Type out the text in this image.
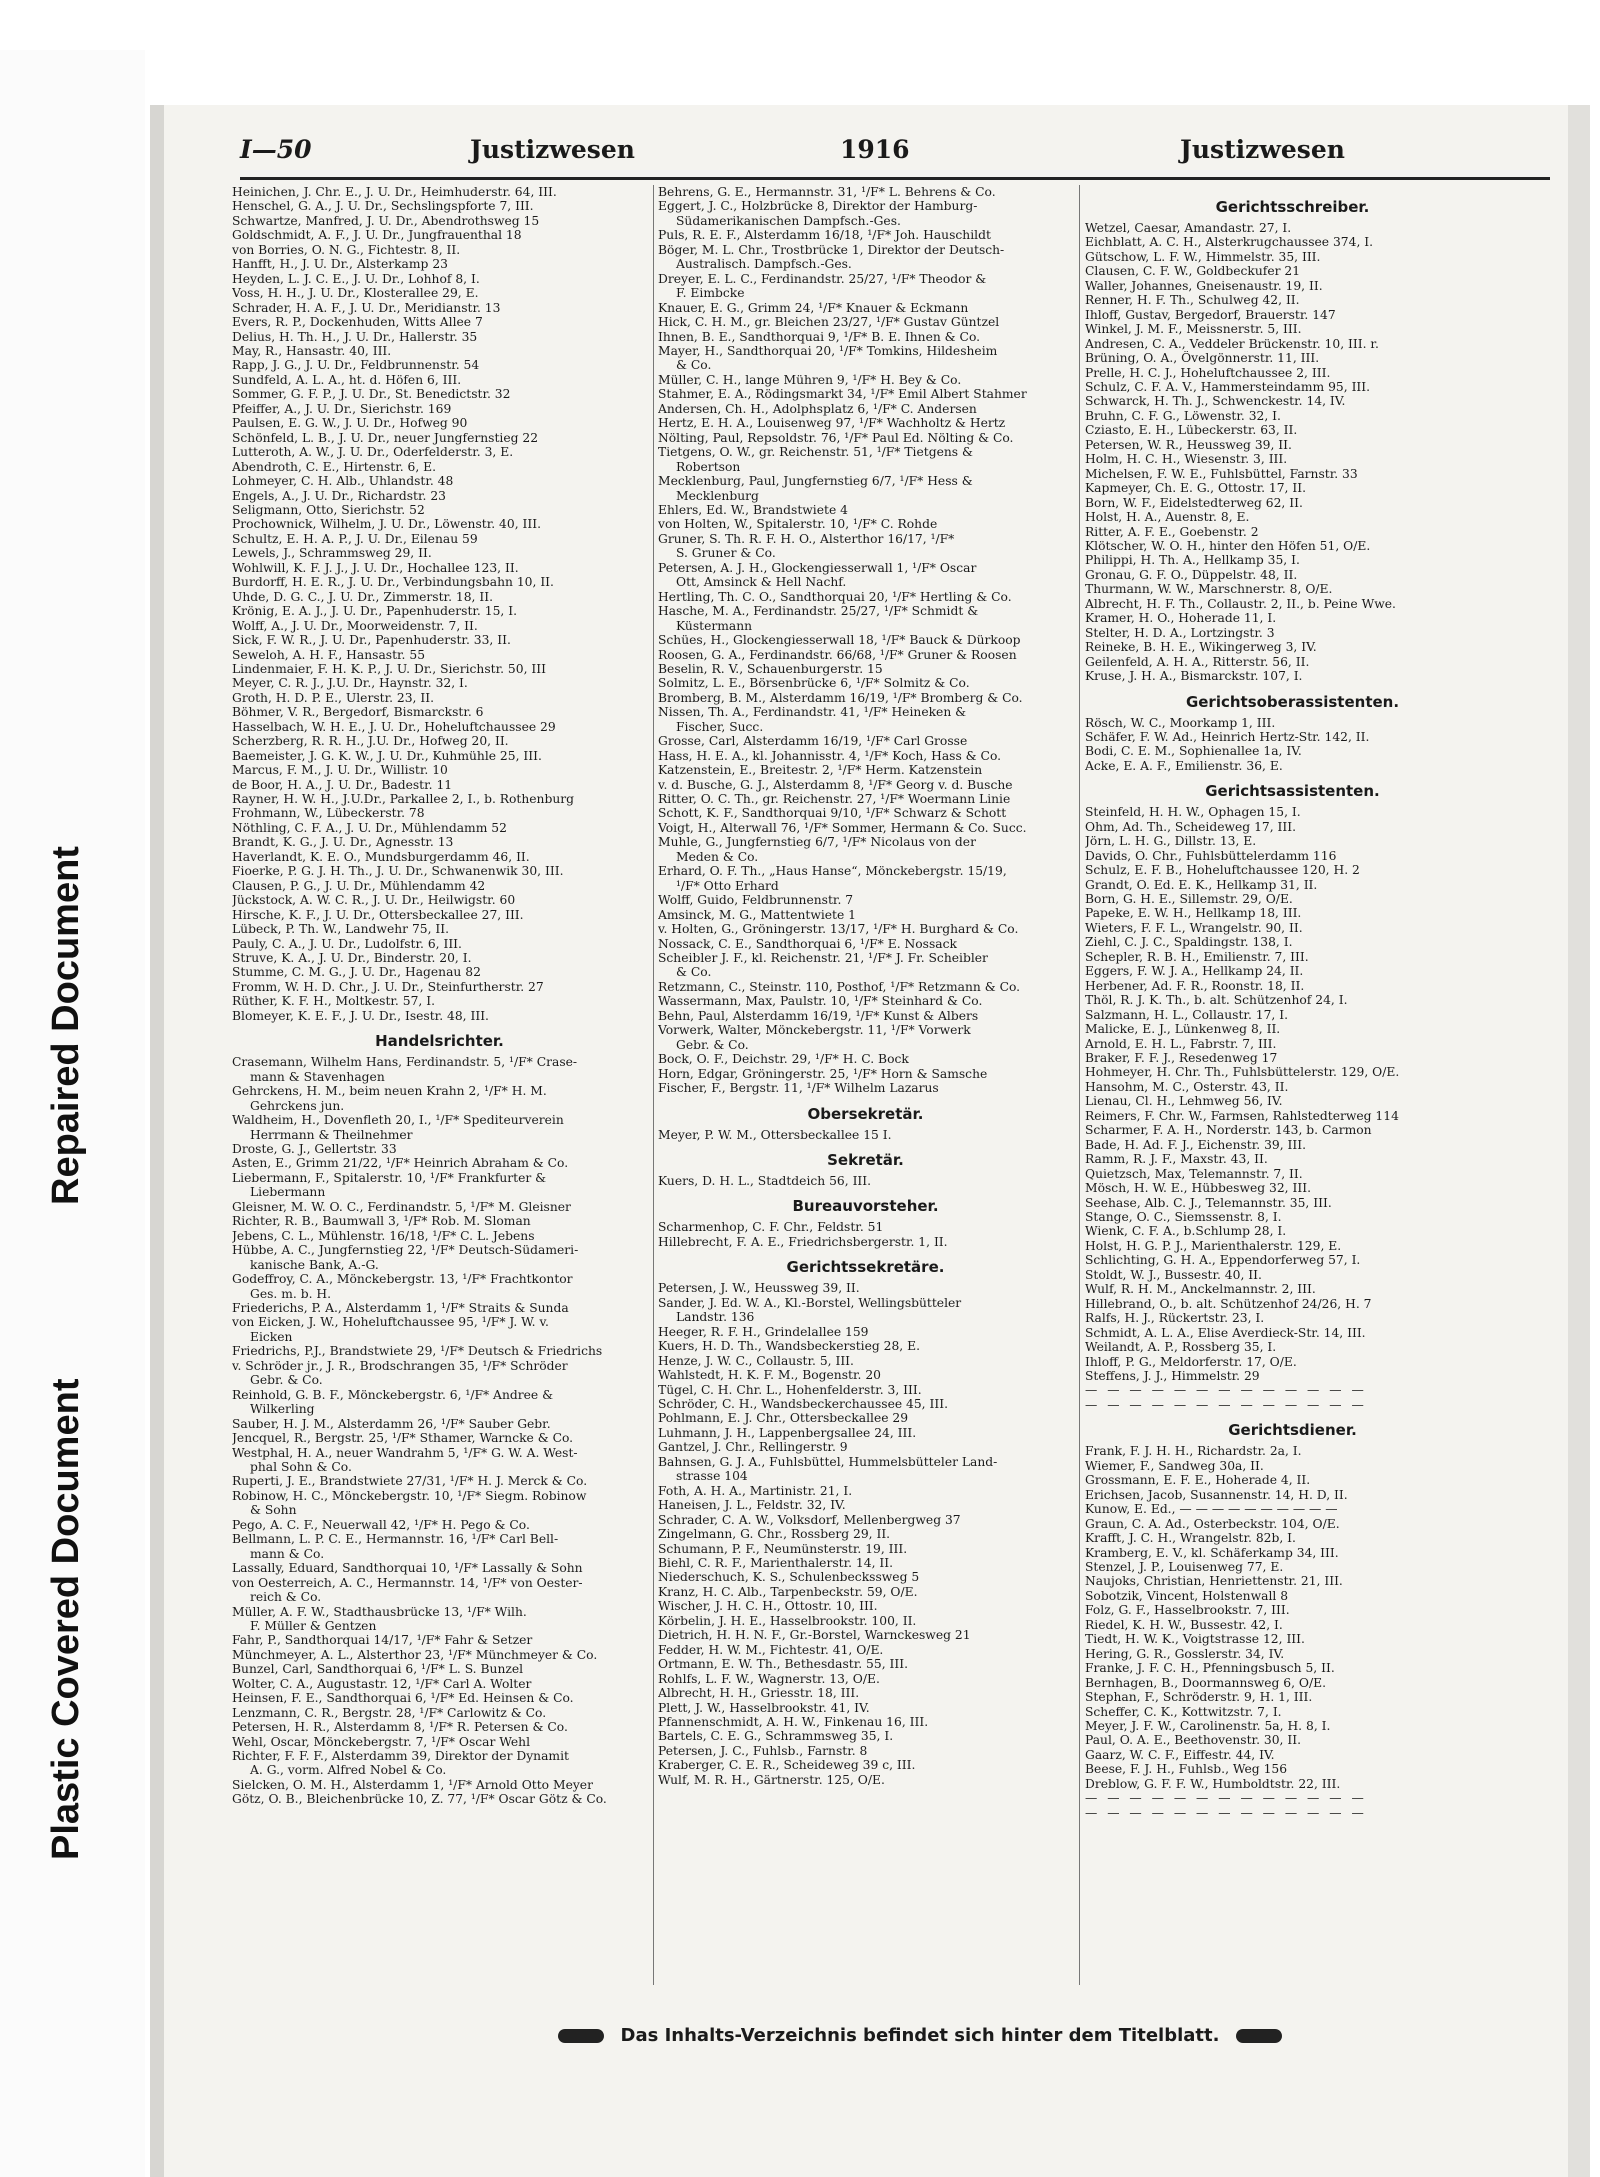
Repaired Document
Plastic Covered Document
I—50	Justizwesen	1916	Justizwesen
Heinichen, J. Chr. E., J. U. Dr., Heimhuderstr. 64, III.
Henschel, G. A., J. U. Dr., Sechslingspforte 7, III.
Schwartze, Manfred, J. U. Dr., Abendrothsweg 15
Goldschmidt, A. F., J. U. Dr., Jungfrauenthal 18
von Borries, O. N. G., Fichtestr. 8, II.
Hanfft, H., J. U. Dr., Alsterkamp 23
Heyden, L. J. C. E., J. U. Dr., Lohhof 8, I.
Voss, H. H., J. U. Dr., Klosterallee 29, E.
Schrader, H. A. F., J. U. Dr., Meridianstr. 13
Evers, R. P., Dockenhuden, Witts Allee 7
Delius, H. Th. H., J. U. Dr., Hallerstr. 35
May, R., Hansastr. 40, III.
Rapp, J. G., J. U. Dr., Feldbrunnenstr. 54
Sundfeld, A. L. A., ht. d. Höfen 6, III.
Sommer, G. F. P., J. U. Dr., St. Benedictstr. 32
Pfeiffer, A., J. U. Dr., Sierichstr. 169
Paulsen, E. G. W., J. U. Dr., Hofweg 90
Schönfeld, L. B., J. U. Dr., neuer Jungfernstieg 22
Lutteroth, A. W., J. U. Dr., Oderfelderstr. 3, E.
Abendroth, C. E., Hirtenstr. 6, E.
Lohmeyer, C. H. Alb., Uhlandstr. 48
Engels, A., J. U. Dr., Richardstr. 23
Seligmann, Otto, Sierichstr. 52
Prochownick, Wilhelm, J. U. Dr., Löwenstr. 40, III.
Schultz, E. H. A. P., J. U. Dr., Eilenau 59
Lewels, J., Schrammsweg 29, II.
Wohlwill, K. F. J. J., J. U. Dr., Hochallee 123, II.
Burdorff, H. E. R., J. U. Dr., Verbindungsbahn 10, II.
Uhde, D. G. C., J. U. Dr., Zimmerstr. 18, II.
Krönig, E. A. J., J. U. Dr., Papenhuderstr. 15, I.
Wolff, A., J. U. Dr., Moorweidenstr. 7, II.
Sick, F. W. R., J. U. Dr., Papenhuderstr. 33, II.
Seweloh, A. H. F., Hansastr. 55
Lindenmaier, F. H. K. P., J. U. Dr., Sierichstr. 50, III
Meyer, C. R. J., J.U. Dr., Haynstr. 32, I.
Groth, H. D. P. E., Ulerstr. 23, II.
Böhmer, V. R., Bergedorf, Bismarckstr. 6
Hasselbach, W. H. E., J. U. Dr., Hoheluftchaussee 29
Scherzberg, R. R. H., J.U. Dr., Hofweg 20, II.
Baemeister, J. G. K. W., J. U. Dr., Kuhmühle 25, III.
Marcus, F. M., J. U. Dr., Willistr. 10
de Boor, H. A., J. U. Dr., Badestr. 11
Rayner, H. W. H., J.U.Dr., Parkallee 2, I., b. Rothenburg
Frohmann, W., Lübeckerstr. 78
Nöthling, C. F. A., J. U. Dr., Mühlendamm 52
Brandt, K. G., J. U. Dr., Agnesstr. 13
Haverlandt, K. E. O., Mundsburgerdamm 46, II.
Fioerke, P. G. J. H. Th., J. U. Dr., Schwanenwik 30, III.
Clausen, P. G., J. U. Dr., Mühlendamm 42
Jückstock, A. W. C. R., J. U. Dr., Heilwigstr. 60
Hirsche, K. F., J. U. Dr., Ottersbeckallee 27, III.
Lübeck, P. Th. W., Landwehr 75, II.
Pauly, C. A., J. U. Dr., Ludolfstr. 6, III.
Struve, K. A., J. U. Dr., Binderstr. 20, I.
Stumme, C. M. G., J. U. Dr., Hagenau 82
Fromm, W. H. D. Chr., J. U. Dr., Steinfurtherstr. 27
Rüther, K. F. H., Moltkestr. 57, I.
Blomeyer, K. E. F., J. U. Dr., Isestr. 48, III.
Handelsrichter.
Crasemann, Wilhelm Hans, Ferdinandstr. 5, ¹/F* Crase-
mann & Stavenhagen
Gehrckens, H. M., beim neuen Krahn 2, ¹/F* H. M.
Gehrckens jun.
Waldheim, H., Dovenfleth 20, I., ¹/F* Spediteurverein
Herrmann & Theilnehmer
Droste, G. J., Gellertstr. 33
Asten, E., Grimm 21/22, ¹/F* Heinrich Abraham & Co.
Liebermann, F., Spitalerstr. 10, ¹/F* Frankfurter &
Liebermann
Gleisner, M. W. O. C., Ferdinandstr. 5, ¹/F* M. Gleisner
Richter, R. B., Baumwall 3, ¹/F* Rob. M. Sloman
Jebens, C. L., Mühlenstr. 16/18, ¹/F* C. L. Jebens
Hübbe, A. C., Jungfernstieg 22, ¹/F* Deutsch-Südameri-
kanische Bank, A.-G.
Godeffroy, C. A., Mönckebergstr. 13, ¹/F* Frachtkontor
Ges. m. b. H.
Friederichs, P. A., Alsterdamm 1, ¹/F* Straits & Sunda
von Eicken, J. W., Hoheluftchaussee 95, ¹/F* J. W. v.
Eicken
Friedrichs, P.J., Brandstwiete 29, ¹/F* Deutsch & Friedrichs
v. Schröder jr., J. R., Brodschrangen 35, ¹/F* Schröder
Gebr. & Co.
Reinhold, G. B. F., Mönckebergstr. 6, ¹/F* Andree &
Wilkerling
Sauber, H. J. M., Alsterdamm 26, ¹/F* Sauber Gebr.
Jencquel, R., Bergstr. 25, ¹/F* Sthamer, Warncke & Co.
Westphal, H. A., neuer Wandrahm 5, ¹/F* G. W. A. West-
phal Sohn & Co.
Ruperti, J. E., Brandstwiete 27/31, ¹/F* H. J. Merck & Co.
Robinow, H. C., Mönckebergstr. 10, ¹/F* Siegm. Robinow
& Sohn
Pego, A. C. F., Neuerwall 42, ¹/F* H. Pego & Co.
Bellmann, L. P. C. E., Hermannstr. 16, ¹/F* Carl Bell-
mann & Co.
Lassally, Eduard, Sandthorquai 10, ¹/F* Lassally & Sohn
von Oesterreich, A. C., Hermannstr. 14, ¹/F* von Oester-
reich & Co.
Müller, A. F. W., Stadthausbrücke 13, ¹/F* Wilh.
F. Müller & Gentzen
Fahr, P., Sandthorquai 14/17, ¹/F* Fahr & Setzer
Münchmeyer, A. L., Alsterthor 23, ¹/F* Münchmeyer & Co.
Bunzel, Carl, Sandthorquai 6, ¹/F* L. S. Bunzel
Wolter, C. A., Augustastr. 12, ¹/F* Carl A. Wolter
Heinsen, F. E., Sandthorquai 6, ¹/F* Ed. Heinsen & Co.
Lenzmann, C. R., Bergstr. 28, ¹/F* Carlowitz & Co.
Petersen, H. R., Alsterdamm 8, ¹/F* R. Petersen & Co.
Wehl, Oscar, Mönckebergstr. 7, ¹/F* Oscar Wehl
Richter, F. F. F., Alsterdamm 39, Direktor der Dynamit
A. G., vorm. Alfred Nobel & Co.
Sielcken, O. M. H., Alsterdamm 1, ¹/F* Arnold Otto Meyer
Götz, O. B., Bleichenbrücke 10, Z. 77, ¹/F* Oscar Götz & Co.
Behrens, G. E., Hermannstr. 31, ¹/F* L. Behrens & Co.
Eggert, J. C., Holzbrücke 8, Direktor der Hamburg-
Südamerikanischen Dampfsch.-Ges.
Puls, R. E. F., Alsterdamm 16/18, ¹/F* Joh. Hauschildt
Böger, M. L. Chr., Trostbrücke 1, Direktor der Deutsch-
Australisch. Dampfsch.-Ges.
Dreyer, E. L. C., Ferdinandstr. 25/27, ¹/F* Theodor &
F. Eimbcke
Knauer, E. G., Grimm 24, ¹/F* Knauer & Eckmann
Hick, C. H. M., gr. Bleichen 23/27, ¹/F* Gustav Güntzel
Ihnen, B. E., Sandthorquai 9, ¹/F* B. E. Ihnen & Co.
Mayer, H., Sandthorquai 20, ¹/F* Tomkins, Hildesheim
& Co.
Müller, C. H., lange Mühren 9, ¹/F* H. Bey & Co.
Stahmer, E. A., Rödingsmarkt 34, ¹/F* Emil Albert Stahmer
Andersen, Ch. H., Adolphsplatz 6, ¹/F* C. Andersen
Hertz, E. H. A., Louisenweg 97, ¹/F* Wachholtz & Hertz
Nölting, Paul, Repsoldstr. 76, ¹/F* Paul Ed. Nölting & Co.
Tietgens, O. W., gr. Reichenstr. 51, ¹/F* Tietgens &
Robertson
Mecklenburg, Paul, Jungfernstieg 6/7, ¹/F* Hess &
Mecklenburg
Ehlers, Ed. W., Brandstwiete 4
von Holten, W., Spitalerstr. 10, ¹/F* C. Rohde
Gruner, S. Th. R. F. H. O., Alsterthor 16/17, ¹/F*
S. Gruner & Co.
Petersen, A. J. H., Glockengiesserwall 1, ¹/F* Oscar
Ott, Amsinck & Hell Nachf.
Hertling, Th. C. O., Sandthorquai 20, ¹/F* Hertling & Co.
Hasche, M. A., Ferdinandstr. 25/27, ¹/F* Schmidt &
Küstermann
Schües, H., Glockengiesserwall 18, ¹/F* Bauck & Dürkoop
Roosen, G. A., Ferdinandstr. 66/68, ¹/F* Gruner & Roosen
Beselin, R. V., Schauenburgerstr. 15
Solmitz, L. E., Börsenbrücke 6, ¹/F* Solmitz & Co.
Bromberg, B. M., Alsterdamm 16/19, ¹/F* Bromberg & Co.
Nissen, Th. A., Ferdinandstr. 41, ¹/F* Heineken &
Fischer, Succ.
Grosse, Carl, Alsterdamm 16/19, ¹/F* Carl Grosse
Hass, H. E. A., kl. Johannisstr. 4, ¹/F* Koch, Hass & Co.
Katzenstein, E., Breitestr. 2, ¹/F* Herm. Katzenstein
v. d. Busche, G. J., Alsterdamm 8, ¹/F* Georg v. d. Busche
Ritter, O. C. Th., gr. Reichenstr. 27, ¹/F* Woermann Linie
Schott, K. F., Sandthorquai 9/10, ¹/F* Schwarz & Schott
Voigt, H., Alterwall 76, ¹/F* Sommer, Hermann & Co. Succ.
Muhle, G., Jungfernstieg 6/7, ¹/F* Nicolaus von der
Meden & Co.
Erhard, O. F. Th., „Haus Hanse“, Mönckebergstr. 15/19,
¹/F* Otto Erhard
Wolff, Guido, Feldbrunnenstr. 7
Amsinck, M. G., Mattentwiete 1
v. Holten, G., Gröningerstr. 13/17, ¹/F* H. Burghard & Co.
Nossack, C. E., Sandthorquai 6, ¹/F* E. Nossack
Scheibler J. F., kl. Reichenstr. 21, ¹/F* J. Fr. Scheibler
& Co.
Retzmann, C., Steinstr. 110, Posthof, ¹/F* Retzmann & Co.
Wassermann, Max, Paulstr. 10, ¹/F* Steinhard & Co.
Behn, Paul, Alsterdamm 16/19, ¹/F* Kunst & Albers
Vorwerk, Walter, Mönckebergstr. 11, ¹/F* Vorwerk
Gebr. & Co.
Bock, O. F., Deichstr. 29, ¹/F* H. C. Bock
Horn, Edgar, Gröningerstr. 25, ¹/F* Horn & Samsche
Fischer, F., Bergstr. 11, ¹/F* Wilhelm Lazarus
Obersekretär.
Meyer, P. W. M., Ottersbeckallee 15 I.
Sekretär.
Kuers, D. H. L., Stadtdeich 56, III.
Bureauvorsteher.
Scharmenhop, C. F. Chr., Feldstr. 51
Hillebrecht, F. A. E., Friedrichsbergerstr. 1, II.
Gerichtssekretäre.
Petersen, J. W., Heussweg 39, II.
Sander, J. Ed. W. A., Kl.-Borstel, Wellingsbütteler
Landstr. 136
Heeger, R. F. H., Grindelallee 159
Kuers, H. D. Th., Wandsbeckerstieg 28, E.
Henze, J. W. C., Collaustr. 5, III.
Wahlstedt, H. K. F. M., Bogenstr. 20
Tügel, C. H. Chr. L., Hohenfelderstr. 3, III.
Schröder, C. H., Wandsbeckerchaussee 45, III.
Pohlmann, E. J. Chr., Ottersbeckallee 29
Luhmann, J. H., Lappenbergsallee 24, III.
Gantzel, J. Chr., Rellingerstr. 9
Bahnsen, G. J. A., Fuhlsbüttel, Hummelsbütteler Land-
strasse 104
Foth, A. H. A., Martinistr. 21, I.
Haneisen, J. L., Feldstr. 32, IV.
Schrader, C. A. W., Volksdorf, Mellenbergweg 37
Zingelmann, G. Chr., Rossberg 29, II.
Schumann, P. F., Neumünsterstr. 19, III.
Biehl, C. R. F., Marienthalerstr. 14, II.
Niederschuch, K. S., Schulenbeckssweg 5
Kranz, H. C. Alb., Tarpenbeckstr. 59, O/E.
Wischer, J. H. C. H., Ottostr. 10, III.
Körbelin, J. H. E., Hasselbrookstr. 100, II.
Dietrich, H. H. N. F., Gr.-Borstel, Warnckesweg 21
Fedder, H. W. M., Fichtestr. 41, O/E.
Ortmann, E. W. Th., Bethesdastr. 55, III.
Rohlfs, L. F. W., Wagnerstr. 13, O/E.
Albrecht, H. H., Griesstr. 18, III.
Plett, J. W., Hasselbrookstr. 41, IV.
Pfannenschmidt, A. H. W., Finkenau 16, III.
Bartels, C. E. G., Schrammsweg 35, I.
Petersen, J. C., Fuhlsb., Farnstr. 8
Kraberger, C. E. R., Scheideweg 39 c, III.
Wulf, M. R. H., Gärtnerstr. 125, O/E.
Gerichtsschreiber.
Wetzel, Caesar, Amandastr. 27, I.
Eichblatt, A. C. H., Alsterkrugchaussee 374, I.
Gütschow, L. F. W., Himmelstr. 35, III.
Clausen, C. F. W., Goldbeckufer 21
Waller, Johannes, Gneisenaustr. 19, II.
Renner, H. F. Th., Schulweg 42, II.
Ihloff, Gustav, Bergedorf, Brauerstr. 147
Winkel, J. M. F., Meissnerstr. 5, III.
Andresen, C. A., Veddeler Brückenstr. 10, III. r.
Brüning, O. A., Övelgönnerstr. 11, III.
Prelle, H. C. J., Hoheluftchaussee 2, III.
Schulz, C. F. A. V., Hammersteindamm 95, III.
Schwarck, H. Th. J., Schwenckestr. 14, IV.
Bruhn, C. F. G., Löwenstr. 32, I.
Cziasto, E. H., Lübeckerstr. 63, II.
Petersen, W. R., Heussweg 39, II.
Holm, H. C. H., Wiesenstr. 3, III.
Michelsen, F. W. E., Fuhlsbüttel, Farnstr. 33
Kapmeyer, Ch. E. G., Ottostr. 17, II.
Born, W. F., Eidelstedterweg 62, II.
Holst, H. A., Auenstr. 8, E.
Ritter, A. F. E., Goebenstr. 2
Klötscher, W. O. H., hinter den Höfen 51, O/E.
Philippi, H. Th. A., Hellkamp 35, I.
Gronau, G. F. O., Düppelstr. 48, II.
Thurmann, W. W., Marschnerstr. 8, O/E.
Albrecht, H. F. Th., Collaustr. 2, II., b. Peine Wwe.
Kramer, H. O., Hoherade 11, I.
Stelter, H. D. A., Lortzingstr. 3
Reineke, B. H. E., Wikingerweg 3, IV.
Geilenfeld, A. H. A., Ritterstr. 56, II.
Kruse, J. H. A., Bismarckstr. 107, I.
Gerichtsoberassistenten.
Rösch, W. C., Moorkamp 1, III.
Schäfer, F. W. Ad., Heinrich Hertz-Str. 142, II.
Bodi, C. E. M., Sophienallee 1a, IV.
Acke, E. A. F., Emilienstr. 36, E.
Gerichtsassistenten.
Steinfeld, H. H. W., Ophagen 15, I.
Ohm, Ad. Th., Scheideweg 17, III.
Jörn, L. H. G., Dillstr. 13, E.
Davids, O. Chr., Fuhlsbüttelerdamm 116
Schulz, E. F. B., Hoheluftchaussee 120, H. 2
Grandt, O. Ed. E. K., Hellkamp 31, II.
Born, G. H. E., Sillemstr. 29, O/E.
Papeke, E. W. H., Hellkamp 18, III.
Wieters, F. F. L., Wrangelstr. 90, II.
Ziehl, C. J. C., Spaldingstr. 138, I.
Schepler, R. B. H., Emilienstr. 7, III.
Eggers, F. W. J. A., Hellkamp 24, II.
Herbener, Ad. F. R., Roonstr. 18, II.
Thöl, R. J. K. Th., b. alt. Schützenhof 24, I.
Salzmann, H. L., Collaustr. 17, I.
Malicke, E. J., Lünkenweg 8, II.
Arnold, E. H. L., Fabrstr. 7, III.
Braker, F. F. J., Resedenweg 17
Hohmeyer, H. Chr. Th., Fuhlsbüttelerstr. 129, O/E.
Hansohm, M. C., Osterstr. 43, II.
Lienau, Cl. H., Lehmweg 56, IV.
Reimers, F. Chr. W., Farmsen, Rahlstedterweg 114
Scharmer, F. A. H., Norderstr. 143, b. Carmon
Bade, H. Ad. F. J., Eichenstr. 39, III.
Ramm, R. J. F., Maxstr. 43, II.
Quietzsch, Max, Telemannstr. 7, II.
Mösch, H. W. E., Hübbesweg 32, III.
Seehase, Alb. C. J., Telemannstr. 35, III.
Stange, O. C., Siemssenstr. 8, I.
Wienk, C. F. A., b.Schlump 28, I.
Holst, H. G. P. J., Marienthalerstr. 129, E.
Schlichting, G. H. A., Eppendorferweg 57, I.
Stoldt, W. J., Bussestr. 40, II.
Wulf, R. H. M., Anckelmannstr. 2, III.
Hillebrand, O., b. alt. Schützenhof 24/26, H. 7
Ralfs, H. J., Rückertstr. 23, I.
Schmidt, A. L. A., Elise Averdieck-Str. 14, III.
Weilandt, A. P., Rossberg 35, I.
Ihloff, P. G., Meldorferstr. 17, O/E.
Steffens, J. J., Himmelstr. 29
— — — — — — — — — — — — —
— — — — — — — — — — — — —
Gerichtsdiener.
Frank, F. J. H. H., Richardstr. 2a, I.
Wiemer, F., Sandweg 30a, II.
Grossmann, E. F. E., Hoherade 4, II.
Erichsen, Jacob, Susannenstr. 14, H. D, II.
Kunow, E. Ed., — — — — — — — — — —
Graun, C. A. Ad., Osterbeckstr. 104, O/E.
Krafft, J. C. H., Wrangelstr. 82b, I.
Kramberg, E. V., kl. Schäferkamp 34, III.
Stenzel, J. P., Louisenweg 77, E.
Naujoks, Christian, Henriettenstr. 21, III.
Sobotzik, Vincent, Holstenwall 8
Folz, G. F., Hasselbrookstr. 7, III.
Riedel, K. H. W., Bussestr. 42, I.
Tiedt, H. W. K., Voigtstrasse 12, III.
Hering, G. R., Gosslerstr. 34, IV.
Franke, J. F. C. H., Pfenningsbusch 5, II.
Bernhagen, B., Doormannsweg 6, O/E.
Stephan, F., Schröderstr. 9, H. 1, III.
Scheffer, C. K., Kottwitzstr. 7, I.
Meyer, J. F. W., Carolinenstr. 5a, H. 8, I.
Paul, O. A. E., Beethovenstr. 30, II.
Gaarz, W. C. F., Eiffestr. 44, IV.
Beese, F. J. H., Fuhlsb., Weg 156
Dreblow, G. F. F. W., Humboldtstr. 22, III.
— — — — — — — — — — — — —
— — — — — — — — — — — — —
Das Inhalts-Verzeichnis befindet sich hinter dem Titelblatt.
